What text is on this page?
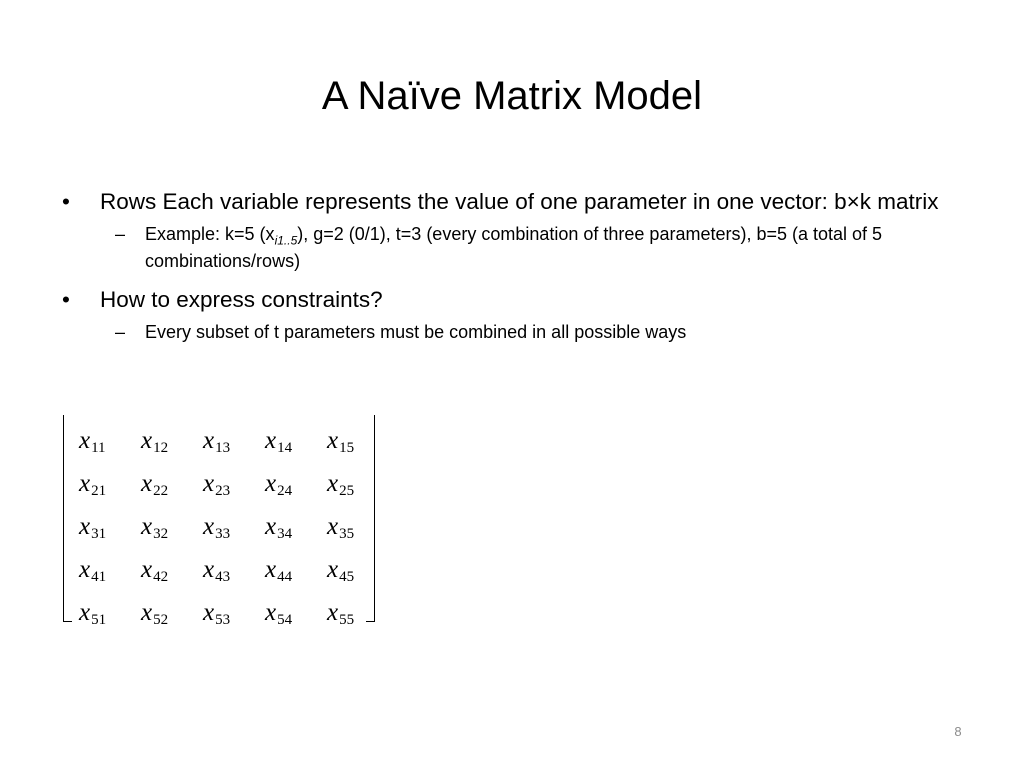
A Naïve Matrix Model
• Rows Each variable represents the value of one parameter in one vector: b×k matrix
– Example: k=5 $(x_{i1..5})$, g=2 (0/1), t=3 (every combination of three parameters), b=5 (a total of 5 combinations/rows)
• How to express constraints?
– Every subset of t parameters must be combined in all possible ways
x11	x12	x13	x14	x15
x21	x22	x23	x24	x25
x31	x32	x33	x34	x35
x41	x42	x43	x44	x45
x51	x52	x53	x54	x55
8
